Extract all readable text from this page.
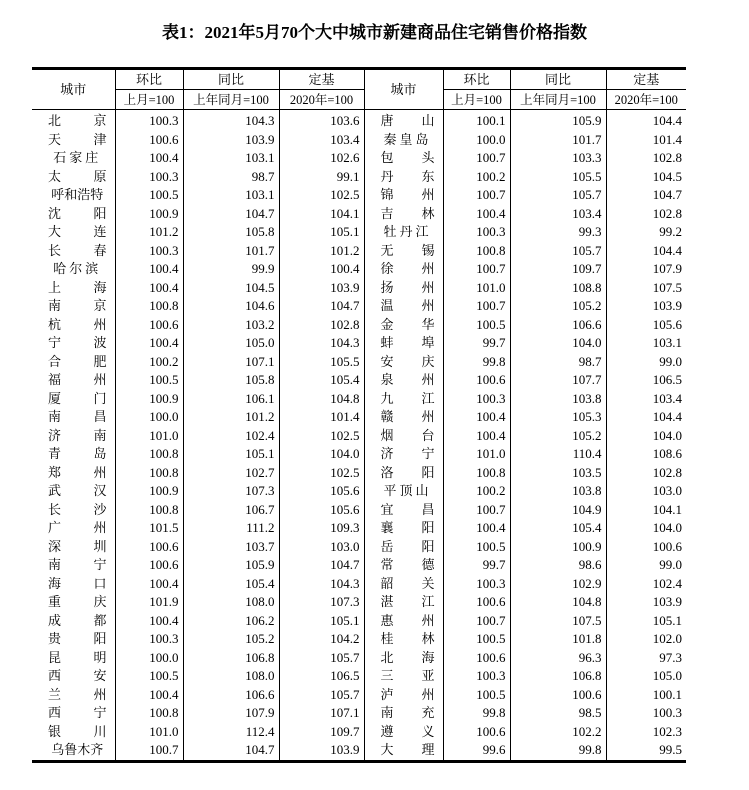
表1：2021年5月70个大中城市新建商品住宅销售价格指数
城市	环比	同比	定基	城市	环比	同比	定基
	上月=100	上年同月=100	2020年=100		上月=100	上年同月=100	2020年=100

北 京	100.3	104.3	103.6	唐 山	100.1	105.9	104.4

天 津	100.6	103.9	103.4	秦皇岛	100.0	101.7	101.4

石家庄	100.4	103.1	102.6	包 头	100.7	103.3	102.8

太 原	100.3	98.7	99.1	丹 东	100.2	105.5	104.5

呼和浩特	100.5	103.1	102.5	锦 州	100.7	105.7	104.7

沈 阳	100.9	104.7	104.1	吉 林	100.4	103.4	102.8

大 连	101.2	105.8	105.1	牡丹江	100.3	99.3	99.2

长 春	100.3	101.7	101.2	无 锡	100.8	105.7	104.4

哈尔滨	100.4	99.9	100.4	徐 州	100.7	109.7	107.9

上 海	100.4	104.5	103.9	扬 州	101.0	108.8	107.5

南 京	100.8	104.6	104.7	温 州	100.7	105.2	103.9

杭 州	100.6	103.2	102.8	金 华	100.5	106.6	105.6

宁 波	100.4	105.0	104.3	蚌 埠	99.7	104.0	103.1

合 肥	100.2	107.1	105.5	安 庆	99.8	98.7	99.0

福 州	100.5	105.8	105.4	泉 州	100.6	107.7	106.5

厦 门	100.9	106.1	104.8	九 江	100.3	103.8	103.4

南 昌	100.0	101.2	101.4	赣 州	100.4	105.3	104.4

济 南	101.0	102.4	102.5	烟 台	100.4	105.2	104.0

青 岛	100.8	105.1	104.0	济 宁	101.0	110.4	108.6

郑 州	100.8	102.7	102.5	洛 阳	100.8	103.5	102.8

武 汉	100.9	107.3	105.6	平顶山	100.2	103.8	103.0

长 沙	100.8	106.7	105.6	宜 昌	100.7	104.9	104.1

广 州	101.5	111.2	109.3	襄 阳	100.4	105.4	104.0

深 圳	100.6	103.7	103.0	岳 阳	100.5	100.9	100.6

南 宁	100.6	105.9	104.7	常 德	99.7	98.6	99.0

海 口	100.4	105.4	104.3	韶 关	100.3	102.9	102.4

重 庆	101.9	108.0	107.3	湛 江	100.6	104.8	103.9

成 都	100.4	106.2	105.1	惠 州	100.7	107.5	105.1

贵 阳	100.3	105.2	104.2	桂 林	100.5	101.8	102.0

昆 明	100.0	106.8	105.7	北 海	100.6	96.3	97.3

西 安	100.5	108.0	106.5	三 亚	100.3	106.8	105.0

兰 州	100.4	106.6	105.7	泸 州	100.5	100.6	100.1

西 宁	100.8	107.9	107.1	南 充	99.8	98.5	100.3

银 川	101.0	112.4	109.7	遵 义	100.6	102.2	102.3

乌鲁木齐	100.7	104.7	103.9	大 理	99.6	99.8	99.5
